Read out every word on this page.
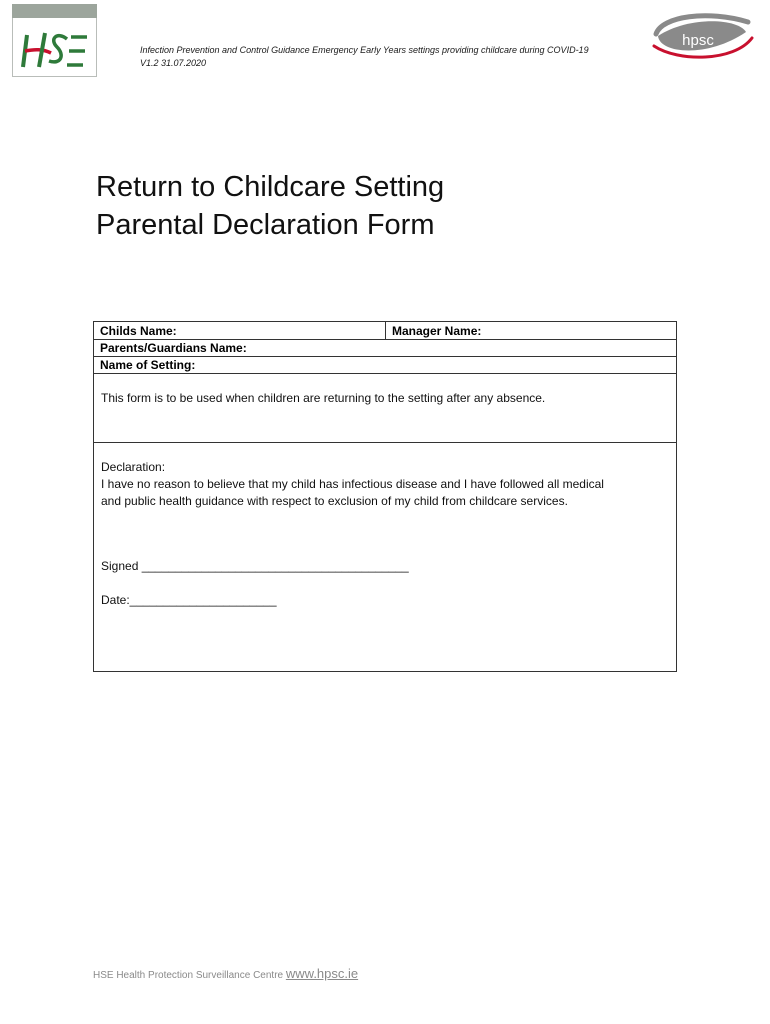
Infection Prevention and Control Guidance Emergency Early Years settings providing childcare during COVID-19
V1.2 31.07.2020
hpsc
Return to Childcare Setting
Parental Declaration Form
Childs Name:	Manager Name:
Parents/Guardians Name:
Name of Setting:
This form is to be used when children are returning to the setting after any absence.
Declaration:
I have no reason to believe that my child has infectious disease and I have followed all medical
and public health guidance with respect to exclusion of my child from childcare services.
Signed ________________________________________
Date:______________________
HSE Health Protection Surveillance Centre www.hpsc.ie
